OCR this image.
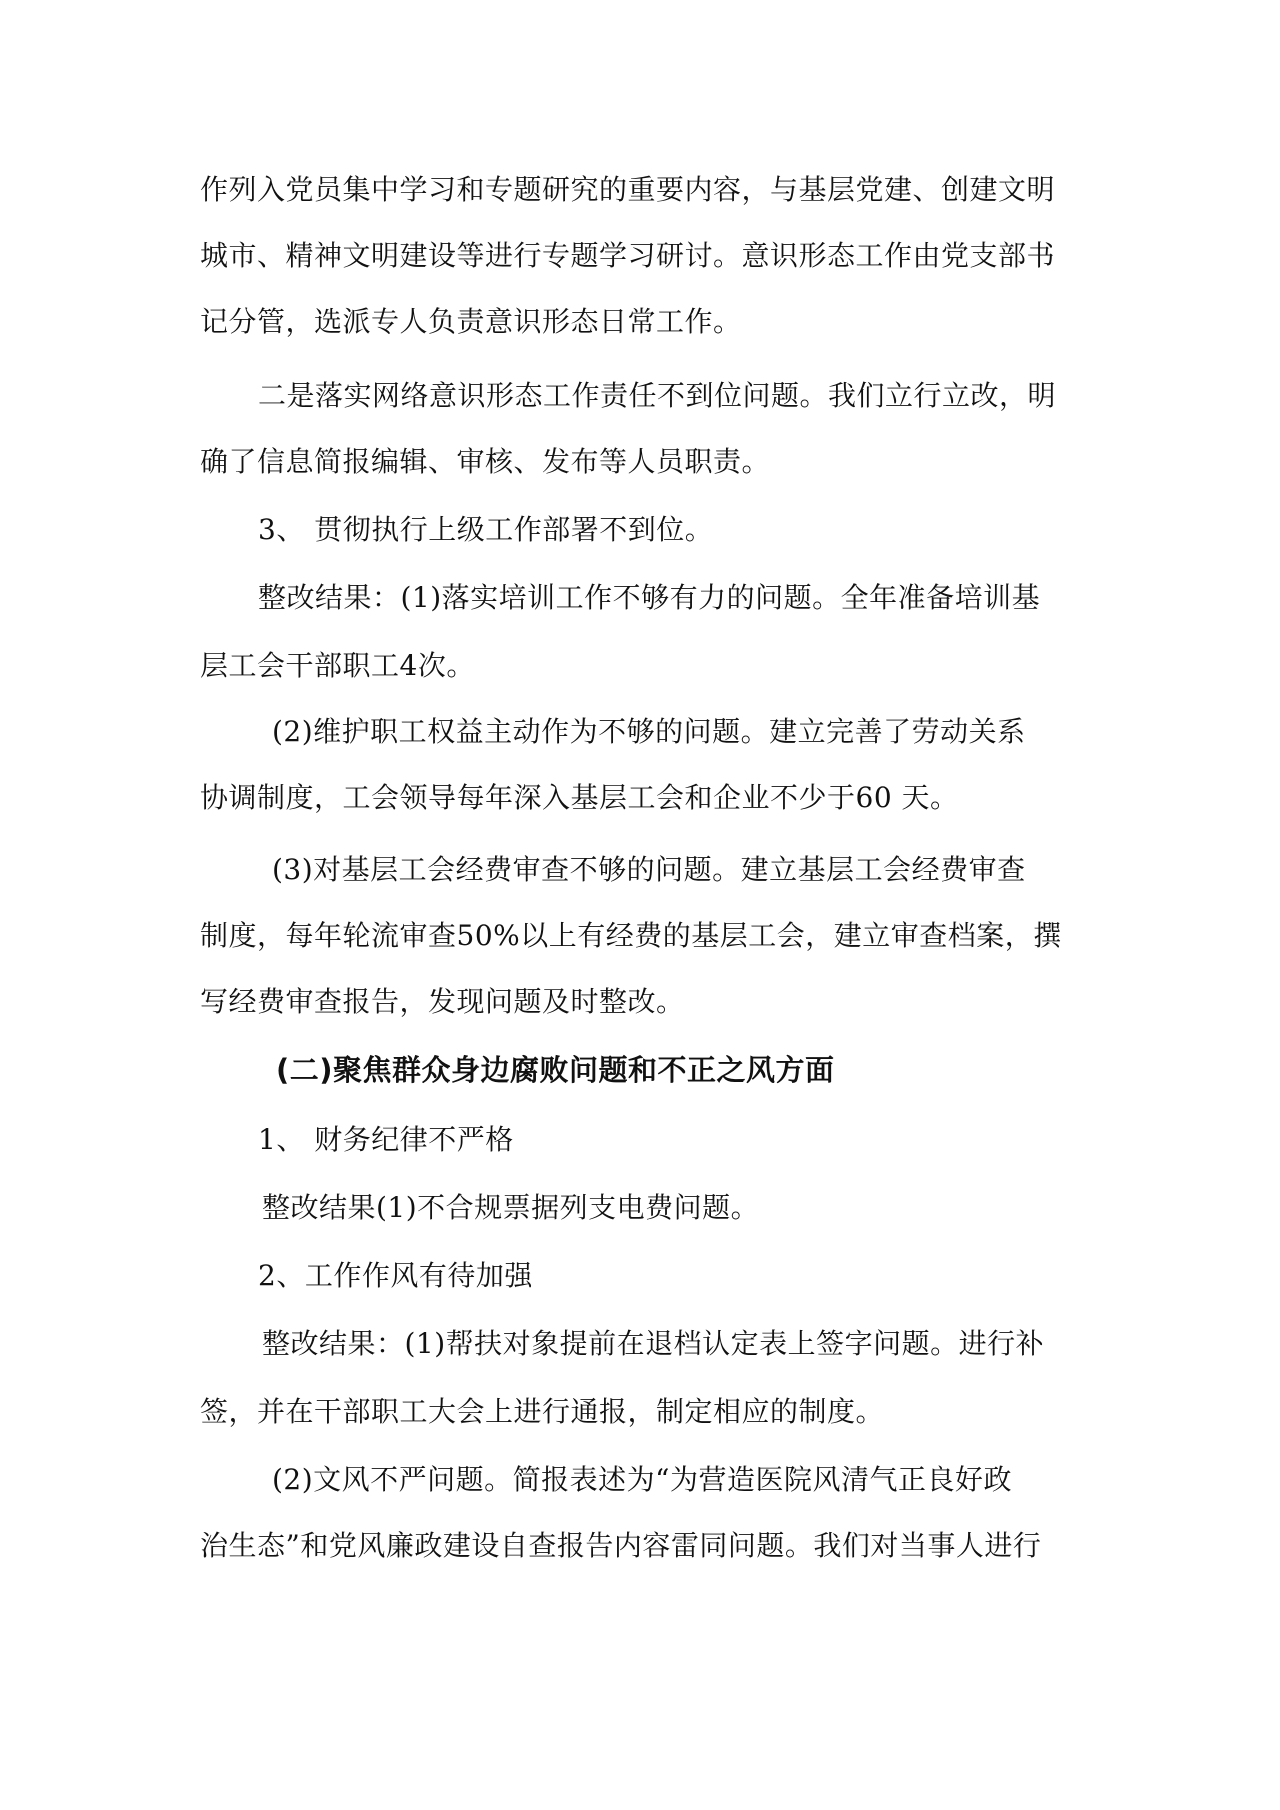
作列入党员集中学习和专题研究的重要内容，与基层党建、创建文明
城市、精神文明建设等进行专题学习研讨。意识形态工作由党支部书
记分管，选派专人负责意识形态日常工作。
二是落实网络意识形态工作责任不到位问题。我们立行立改，明
确了信息简报编辑、审核、发布等人员职责。
3、 贯彻执行上级工作部署不到位。
整改结果：(1)落实培训工作不够有力的问题。全年准备培训基
层工会干部职工4次。
(2)维护职工权益主动作为不够的问题。建立完善了劳动关系
协调制度，工会领导每年深入基层工会和企业不少于60 天。
(3)对基层工会经费审查不够的问题。建立基层工会经费审查
制度，每年轮流审查50%以上有经费的基层工会，建立审查档案，撰
写经费审查报告，发现问题及时整改。
(二)聚焦群众身边腐败问题和不正之风方面
1、 财务纪律不严格
整改结果(1)不合规票据列支电费问题。
2、工作作风有待加强
整改结果：(1)帮扶对象提前在退档认定表上签字问题。进行补
签，并在干部职工大会上进行通报，制定相应的制度。
(2)文风不严问题。简报表述为“为营造医院风清气正良好政
治生态”和党风廉政建设自查报告内容雷同问题。我们对当事人进行
